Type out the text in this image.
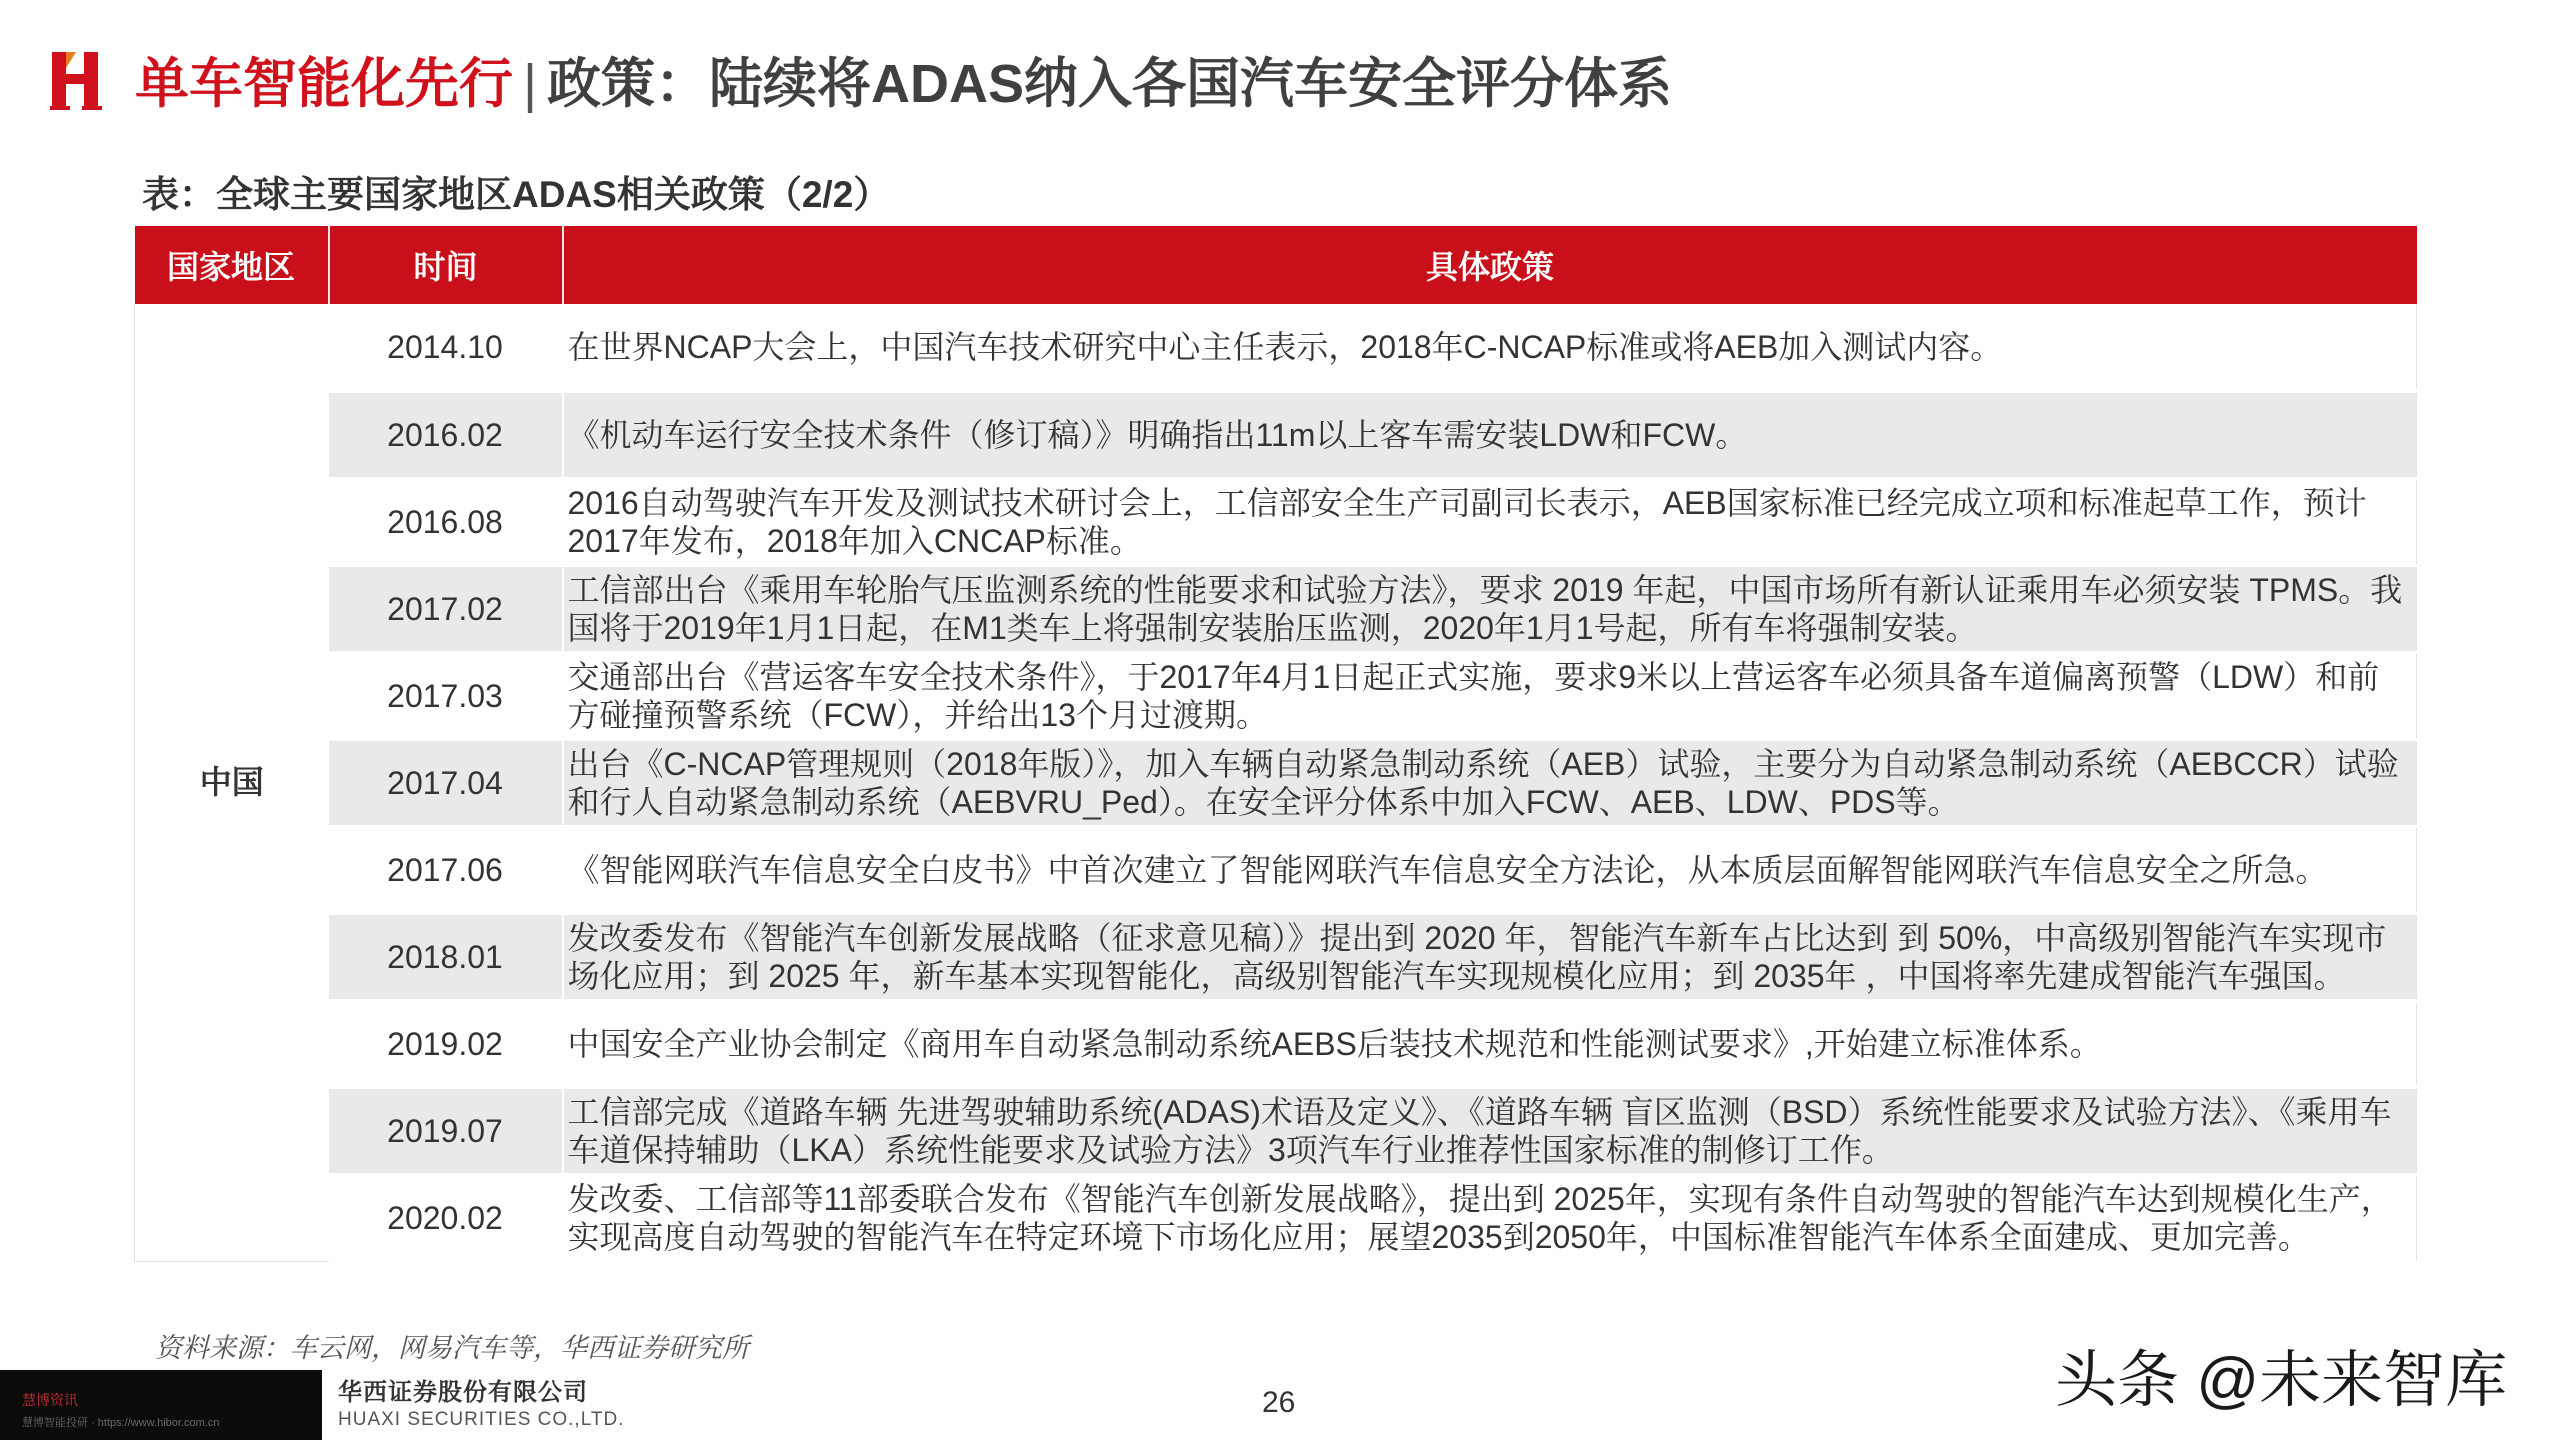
单车智能化先行 | 政策：陆续将ADAS纳入各国汽车安全评分体系
表：全球主要国家地区ADAS相关政策（2/2）
国家地区	时间	具体政策
中国	2014.10	在世界NCAP大会上，中国汽车技术研究中心主任表示，2018年C-NCAP标准或将AEB加入测试内容。
	2016.02	《机动车运行安全技术条件（修订稿）》明确指出11m以上客车需安装LDW和FCW。
	2016.08	2016自动驾驶汽车开发及测试技术研讨会上，工信部安全生产司副司长表示，AEB国家标准已经完成立项和标准起草工作，预计2017年发布，2018年加入CNCAP标准。
	2017.02	工信部出台《乘用车轮胎气压监测系统的性能要求和试验方法》，要求 2019 年起，中国市场所有新认证乘用车必须安装 TPMS。我国将于2019年1月1日起，在M1类车上将强制安装胎压监测，2020年1月1号起，所有车将强制安装。
	2017.03	交通部出台《营运客车安全技术条件》，于2017年4月1日起正式实施，要求9米以上营运客车必须具备车道偏离预警（LDW）和前方碰撞预警系统（FCW），并给出13个月过渡期。
	2017.04	出台《C-NCAP管理规则（2018年版）》，加入车辆自动紧急制动系统（AEB）试验，主要分为自动紧急制动系统（AEBCCR）试验和行人自动紧急制动系统（AEBVRU_Ped）。在安全评分体系中加入FCW、AEB、LDW、PDS等。
	2017.06	《智能网联汽车信息安全白皮书》中首次建立了智能网联汽车信息安全方法论，从本质层面解智能网联汽车信息安全之所急。
	2018.01	发改委发布《智能汽车创新发展战略（征求意见稿）》提出到 2020 年，智能汽车新车占比达到 到 50%，中高级别智能汽车实现市场化应用；到 2025 年，新车基本实现智能化，高级别智能汽车实现规模化应用；到 2035年 ，中国将率先建成智能汽车强国。
	2019.02	中国安全产业协会制定《商用车自动紧急制动系统AEBS后装技术规范和性能测试要求》,开始建立标准体系。
	2019.07	工信部完成《道路车辆 先进驾驶辅助系统(ADAS)术语及定义》、《道路车辆 盲区监测（BSD）系统性能要求及试验方法》、《乘用车车道保持辅助（LKA）系统性能要求及试验方法》3项汽车行业推荐性国家标准的制修订工作。
	2020.02	发改委、工信部等11部委联合发布《智能汽车创新发展战略》，提出到 2025年，实现有条件自动驾驶的智能汽车达到规模化生产，实现高度自动驾驶的智能汽车在特定环境下市场化应用；展望2035到2050年，中国标准智能汽车体系全面建成、更加完善。
资料来源：车云网，网易汽车等，华西证券研究所
慧博资讯
慧博智能投研 · https://www.hibor.com.cn
华西证券股份有限公司
HUAXI SECURITIES CO.,LTD.
26	头条 @未来智库
